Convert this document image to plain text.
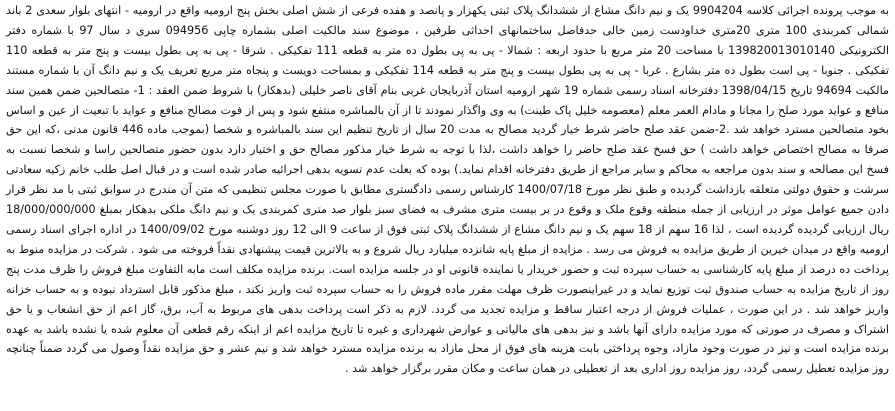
به موجب پرونده اجرائی کلاسه 9904204 یک و نیم دانگ مشاع از ششدانگ پلاک ثبتی یکهزار و پانصد و هفده فرعی از شش اصلی بخش پنج ارومیه واقع در ارومیه - انتهای بلوار سعدی 2 باند شمالی کمربندی 100 متری 20متری خداودست زمین خالی حدفاصل ساختمانهای احداثی طرفین ، موضوع سند مالکیت اصلی بشماره چاپی 094956 سری د سال 97 با شماره دفتر الکترونیکی 139820013010140 با مساحت 20 متر مربع با حدود اربعه : شمالا - پی به پی بطول ده متر به قطعه 111 تفکیکی . شرقا - پی به پی بطول بیست و پنج متر به قطعه 110 تفکیکی . جنوبا - پی است بطول ده متر بشارع . غربا - پی به پی بطول بیست و پنج متر به قطعه 114 تفکیکی و بمساحت دویست و پنجاه متر مربع تعریف یک و نیم دانگ آن با شماره مستند مالکیت 94694 تاریخ 1398/04/15 دفترخانه اسناد رسمی شماره 19 شهر ارومیه استان آذربایجان غربی بنام آقای ناصر خلیلی (بدهکار) با شروط ضمن العقد : 1- متصالحین ضمن همین سند منافع و عواید مورد صلح را مجانا و مادام العمر معلم (معصومه خلیل پاک طینت) به وی واگذار نمودند تا از آن بالمباشره منتفع شود و پس از فوت مصالح منافع و عواید با تبعیت از عین و اساس بخود متصالحین مسترد خواهد شد .2-ضمن عقد صلح حاضر شرط خیار گردید مصالح به مدت 20 سال از تاریخ تنظیم این سند بالمباشره و شخصا (بموجب ماده 446 قانون مدنی ،که این حق صرفا به مصالح اختصاص خواهد داشت ) حق فسخ عقد صلح حاضر را خواهد داشت ،لذا با توجه به شرط خیار مذکور مصالح حق و اختیار دارد بدون حضور متصالحین راسا و شخصا نسبت به فسخ این مصالحه و سند بدون مراجعه به محاکم و سایر مراجع از طریق دفترخانه اقدام نماید.) بوده که بعلت عدم تسویه بدهی اجرائیه صادر شده است و در قبال اصل طلب خانم زکیه سعادتی سرشت و حقوق دولتی متعلقه بازداشت گردیده و طبق نظر مورخ 1400/07/18 کارشناس رسمی دادگستری مطابق با صورت مجلس تنظیمی که متن آن مندرج در سوابق ثبتی با مد نظر قرار دادن جمیع عوامل موثر در ارزیابی از جمله منطقه وقوع ملک و وقوع در بر بیست متری مشرف به فضای سبز بلوار صد متری کمربندی یک و نیم دانگ ملکی بدهکار بمبلغ 18/000/000/000 ریال ارزیابی گردیده گردیده است ، لذا 16 سهم از 18 سهم یک و نیم دانگ مشاع از ششدانگ پلاک ثبتی فوق از ساعت 9 الی 12 روز دوشنبه مورخ 1400/09/02 در اداره اجرای اسناد رسمی ارومیه واقع در میدان خیرین از طریق مزایده به فروش می رسد . مزایده از مبلغ پایه شانزده میلیارد ریال شروع و به بالاترین قیمت پیشنهادی نقداً فروخته می شود . شرکت در مزایده منوط به پرداخت ده درصد از مبلغ پایه کارشناسی به حساب سپرده ثبت و حضور خریدار یا نماینده قانونی او در جلسه مزایده است. برنده مزایده مکلف است مابه التفاوت مبلغ فروش را ظرف مدت پنج روز از تاریخ مزایده به حساب صندوق ثبت توزیع نماید و در غیراینصورت ظرف مهلت مقرر ماده فروش را به حساب سپرده ثبت واریز نکند ، مبلغ مذکور قابل استرداد نبوده و به حساب خزانه واریز خواهد شد . در این صورت ، عملیات فروش از درجه اعتبار ساقط و مزایده تجدید می گردد. لازم به ذکر است پرداخت بدهی های مربوط به آب، برق، گاز اعم از حق انشعاب و یا حق اشتراک و مصرف در صورتی که مورد مزایده دارای آنها باشد و نیز بدهی های مالیاتی و عوارض شهرداری و غیره تا تاریخ مزایده اعم از اینکه رقم قطعی آن معلوم شده یا نشده باشد به عهده برنده مزایده است و نیز در صورت وجود مازاد، وجوه پرداختی بابت هزینه های فوق از محل مازاد به برنده مزایده مسترد خواهد شد و نیم عشر و حق مزایده نقداً وصول می گردد ضمناً چنانچه روز مزایده تعطیل رسمی گردد، روز مزایده روز اداری بعد از تعطیلی در همان ساعت و مکان مقرر برگزار خواهد شد .
